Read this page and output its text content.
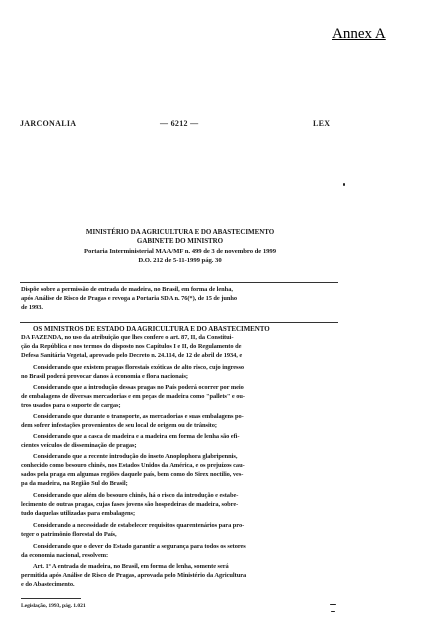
Annex A
JARCONALIA	— 6212 —	LEX
MINISTÉRIO DA AGRICULTURA E DO ABASTECIMENTO
GABINETE DO MINISTRO
Portaria Interministerial MAA/MF n. 499 de 3 de novembro de 1999
D.O. 212 de 5-11-1999 pág. 30
Dispõe sobre a permissão de entrada de madeira, no Brasil, em forma de lenha,
após Análise de Risco de Pragas e revoga a Portaria SDA n. 76(*), de 15 de junho
de 1993.
OS MINISTROS DE ESTADO DA AGRICULTURA E DO ABASTECIMENTO
DA FAZENDA, no uso da atribuição que lhes confere o art. 87, II, da Constitui-
ção da República e nos termos do disposto nos Capítulos I e II, do Regulamento de
Defesa Sanitária Vegetal, aprovado pelo Decreto n. 24.114, de 12 de abril de 1934, e
Considerando que existem pragas florestais exóticas de alto risco, cujo ingresso
no Brasil poderá provocar danos à economia e flora nacionais;
Considerando que a introdução dessas pragas no País poderá ocorrer por meio
de embalagens de diversas mercadorias e em peças de madeira como "pallets" e ou-
tros usados para o suporte de cargas;
Considerando que durante o transporte, as mercadorias e suas embalagens po-
dem sofrer infestações provenientes de seu local de origem ou de trânsito;
Considerando que a casca de madeira e a madeira em forma de lenha são efi-
cientes veículos de disseminação de pragas;
Considerando que a recente introdução do inseto Anoplophora glabripennis,
conhecido como besouro chinês, nos Estados Unidos da América, e os prejuízos cau-
sados pela praga em algumas regiões daquele país, bem como do Sirex noctilio, ves-
pa da madeira, na Região Sul do Brasil;
Considerando que além do besouro chinês, há o risco da introdução e estabe-
lecimento de outras pragas, cujas fases jovens são hospedeiras de madeira, sobre-
tudo daquelas utilizadas para embalagens;
Considerando a necessidade de estabelecer requisitos quarentenários para pro-
teger o patrimônio florestal do País,
Considerando que o dever do Estado garantir a segurança para todos os setores
da economia nacional, resolvem:
Art. 1º A entrada de madeira, no Brasil, em forma de lenha, somente será
permitida após Análise de Risco de Pragas, aprovada pelo Ministério da Agricultura
e do Abastecimento.
Legislação, 1993, pág. 1.021
